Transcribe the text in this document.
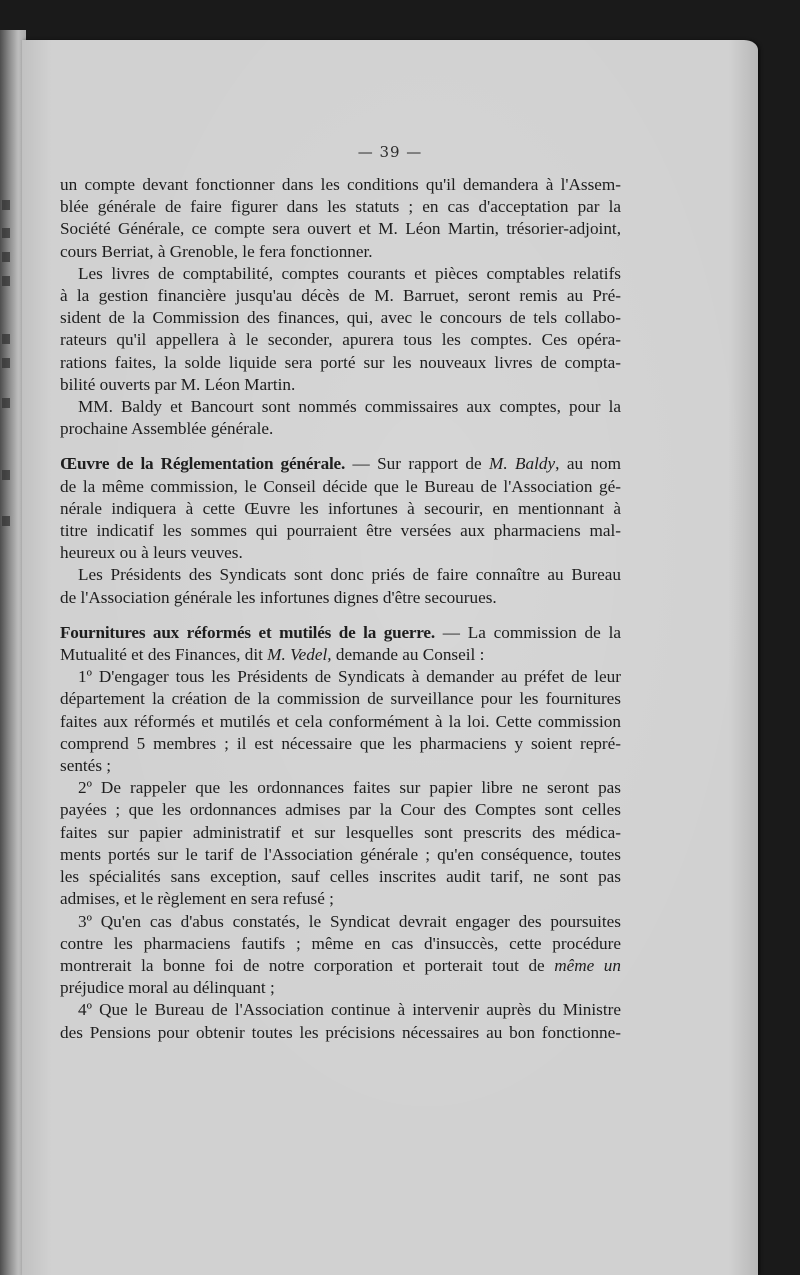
— 39 —

un compte devant fonctionner dans les conditions qu'il demandera à l'Assem-

blée générale de faire figurer dans les statuts ; en cas d'acceptation par la

Société Générale, ce compte sera ouvert et M. Léon Martin, trésorier-adjoint,

cours Berriat, à Grenoble, le fera fonctionner.

Les livres de comptabilité, comptes courants et pièces comptables relatifs

à la gestion financière jusqu'au décès de M. Barruet, seront remis au Pré-

sident de la Commission des finances, qui, avec le concours de tels collabo-

rateurs qu'il appellera à le seconder, apurera tous les comptes. Ces opéra-

rations faites, la solde liquide sera porté sur les nouveaux livres de compta-

bilité ouverts par M. Léon Martin.

MM. Baldy et Bancourt sont nommés commissaires aux comptes, pour la

prochaine Assemblée générale.

Œuvre de la Réglementation générale. — Sur rapport de M. Baldy, au nom

de la même commission, le Conseil décide que le Bureau de l'Association gé-

nérale indiquera à cette Œuvre les infortunes à secourir, en mentionnant à

titre indicatif les sommes qui pourraient être versées aux pharmaciens mal-

heureux ou à leurs veuves.

Les Présidents des Syndicats sont donc priés de faire connaître au Bureau

de l'Association générale les infortunes dignes d'être secourues.

Fournitures aux réformés et mutilés de la guerre. — La commission de la

Mutualité et des Finances, dit M. Vedel, demande au Conseil :

1º D'engager tous les Présidents de Syndicats à demander au préfet de leur

département la création de la commission de surveillance pour les fournitures

faites aux réformés et mutilés et cela conformément à la loi. Cette commission

comprend 5 membres ; il est nécessaire que les pharmaciens y soient repré-

sentés ;

2º De rappeler que les ordonnances faites sur papier libre ne seront pas

payées ; que les ordonnances admises par la Cour des Comptes sont celles

faites sur papier administratif et sur lesquelles sont prescrits des médica-

ments portés sur le tarif de l'Association générale ; qu'en conséquence, toutes

les spécialités sans exception, sauf celles inscrites audit tarif, ne sont pas

admises, et le règlement en sera refusé ;

3º Qu'en cas d'abus constatés, le Syndicat devrait engager des poursuites

contre les pharmaciens fautifs ; même en cas d'insuccès, cette procédure

montrerait la bonne foi de notre corporation et porterait tout de même un

préjudice moral au délinquant ;

4º Que le Bureau de l'Association continue à intervenir auprès du Ministre

des Pensions pour obtenir toutes les précisions nécessaires au bon fonctionne-
